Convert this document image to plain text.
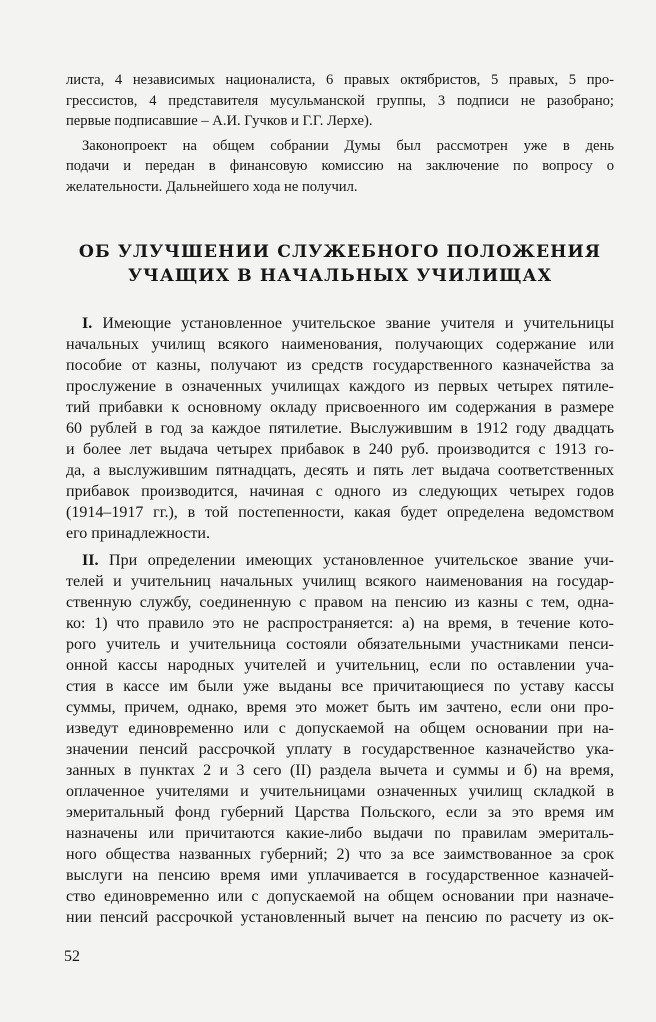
листа, 4 независимых националиста, 6 правых октябристов, 5 правых, 5 про-
грессистов, 4 представителя мусульманской группы, 3 подписи не разобрано;
первые подписавшие – А.И. Гучков и Г.Г. Лерхе).
Законопроект на общем собрании Думы был рассмотрен уже в день
подачи и передан в финансовую комиссию на заключение по вопросу о
желательности. Дальнейшего хода не получил.
ОБ УЛУЧШЕНИИ СЛУЖЕБНОГО ПОЛОЖЕНИЯ
УЧАЩИХ В НАЧАЛЬНЫХ УЧИЛИЩАХ
I. Имеющие установленное учительское звание учителя и учительницы
начальных училищ всякого наименования, получающих содержание или
пособие от казны, получают из средств государственного казначейства за
прослужение в означенных училищах каждого из первых четырех пятиле-
тий прибавки к основному окладу присвоенного им содержания в размере
60 рублей в год за каждое пятилетие. Выслужившим в 1912 году двадцать
и более лет выдача четырех прибавок в 240 руб. производится с 1913 го-
да, а выслужившим пятнадцать, десять и пять лет выдача соответственных
прибавок производится, начиная с одного из следующих четырех годов
(1914–1917 гг.), в той постепенности, какая будет определена ведомством
его принадлежности.
II. При определении имеющих установленное учительское звание учи-
телей и учительниц начальных училищ всякого наименования на государ-
ственную службу, соединенную с правом на пенсию из казны с тем, одна-
ко: 1) что правило это не распространяется: а) на время, в течение кото-
рого учитель и учительница состояли обязательными участниками пенси-
онной кассы народных учителей и учительниц, если по оставлении уча-
стия в кассе им были уже выданы все причитающиеся по уставу кассы
суммы, причем, однако, время это может быть им зачтено, если они про-
изведут единовременно или с допускаемой на общем основании при на-
значении пенсий рассрочкой уплату в государственное казначейство ука-
занных в пунктах 2 и 3 сего (II) раздела вычета и суммы и б) на время,
оплаченное учителями и учительницами означенных училищ складкой в
эмеритальный фонд губерний Царства Польского, если за это время им
назначены или причитаются какие-либо выдачи по правилам эмериталь-
ного общества названных губерний; 2) что за все заимствованное за срок
выслуги на пенсию время ими уплачивается в государственное казначей-
ство единовременно или с допускаемой на общем основании при назначе-
нии пенсий рассрочкой установленный вычет на пенсию по расчету из ок-
52
